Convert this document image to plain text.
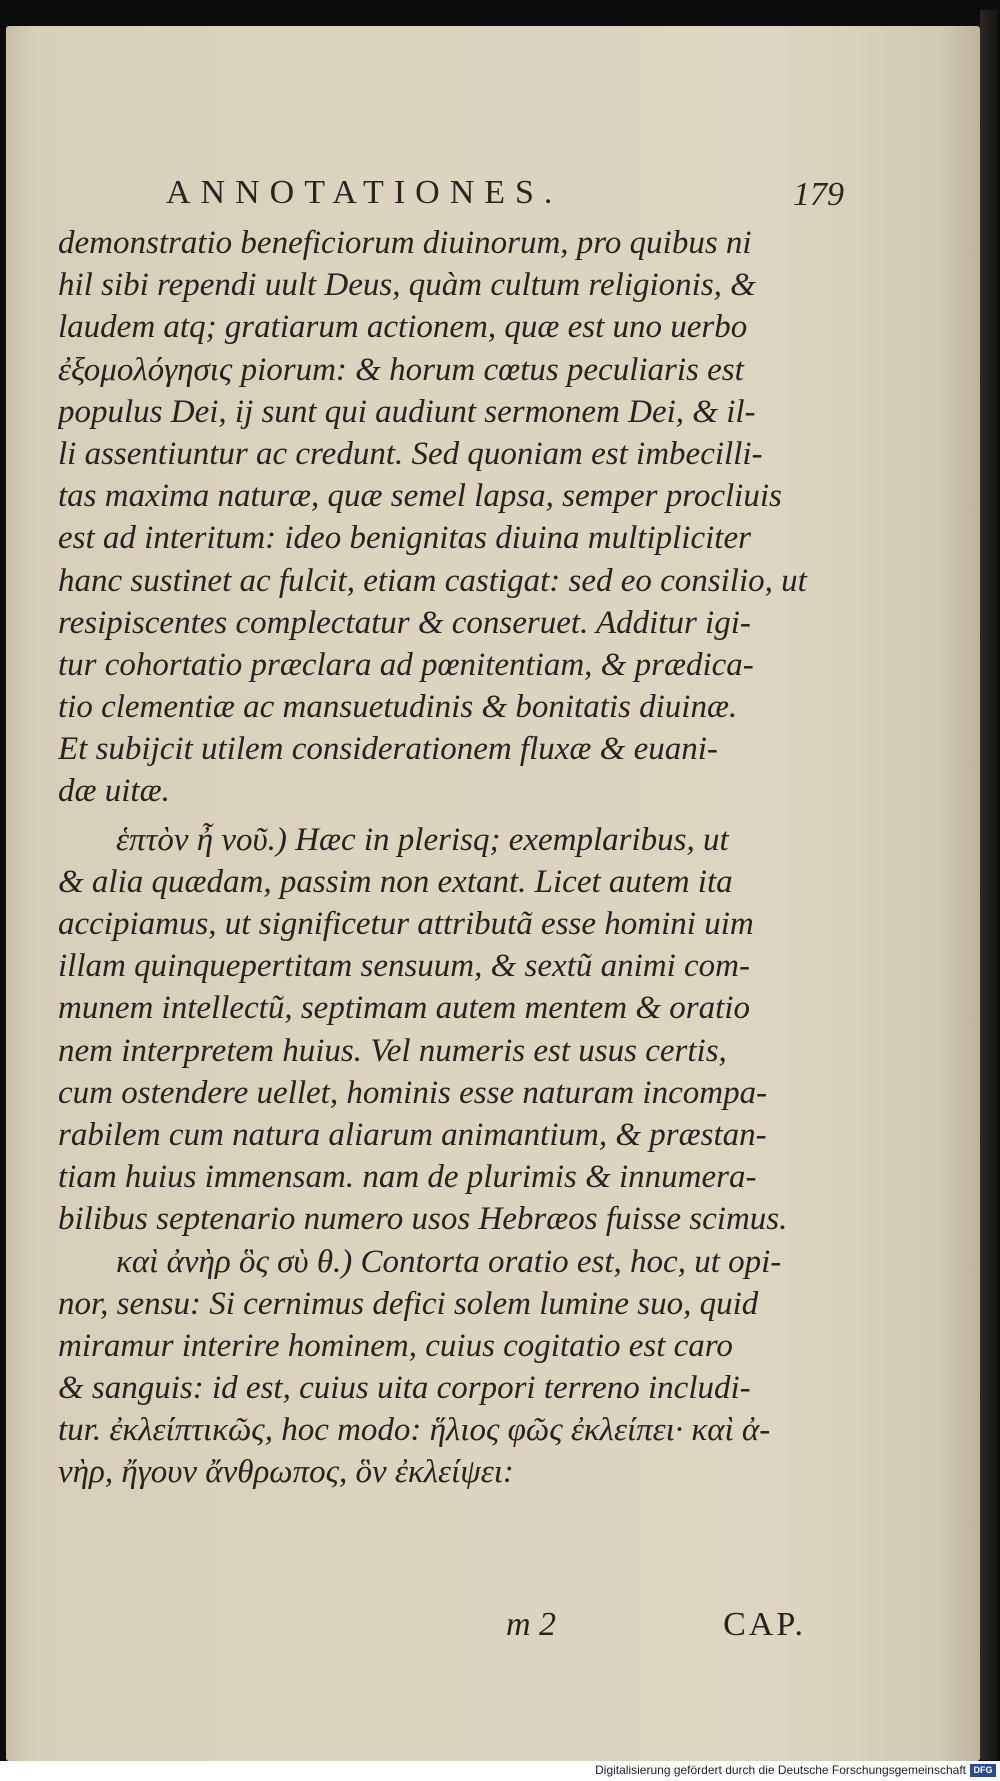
ANNOTATIONES.	179
demonstratio beneficiorum diuinorum, pro quibus ni
hil sibi rependi uult Deus, quàm cultum religionis, &
laudem atq; gratiarum actionem, quæ est uno uerbo
ἐξομολόγησις piorum: & horum cœtus peculiaris est
populus Dei, ij sunt qui audiunt sermonem Dei, & il-
li assentiuntur ac credunt. Sed quoniam est imbecilli-
tas maxima naturæ, quæ semel lapsa, semper procliuis
est ad interitum: ideo benignitas diuina multipliciter
hanc sustinet ac fulcit, etiam castigat: sed eo consilio, ut
resipiscentes complectatur & conseruet. Additur igi-
tur cohortatio præclara ad pœnitentiam, & prædica-
tio clementiæ ac mansuetudinis & bonitatis diuinæ.
Et subijcit utilem considerationem fluxæ & euani-
dæ uitæ.
ἑπτὸν ἦ νοῦ.) Hæc in plerisq; exemplaribus, ut
& alia quædam, passim non extant. Licet autem ita
accipiamus, ut significetur attributã esse homini uim
illam quinquepertitam sensuum, & sextũ animi com-
munem intellectũ, septimam autem mentem & oratio
nem interpretem huius. Vel numeris est usus certis,
cum ostendere uellet, hominis esse naturam incompa-
rabilem cum natura aliarum animantium, & præstan-
tiam huius immensam. nam de plurimis & innumera-
bilibus septenario numero usos Hebræos fuisse scimus.
καὶ ἀνὴρ ὃς σὺ θ.) Contorta oratio est, hoc, ut opi-
nor, sensu: Si cernimus defici solem lumine suo, quid
miramur interire hominem, cuius cogitatio est caro
& sanguis: id est, cuius uita corpori terreno includi-
tur. ἐκλείπτικῶς, hoc modo: ἥλιος φῶς ἐκλείπει· καὶ ἀ-
νὴρ, ἤγουν ἄνθρωπος, ὃν ἐκλείψει:
m 2	CAP.
Digitalisierung gefördert durch die Deutsche Forschungsgemeinschaft DFG
